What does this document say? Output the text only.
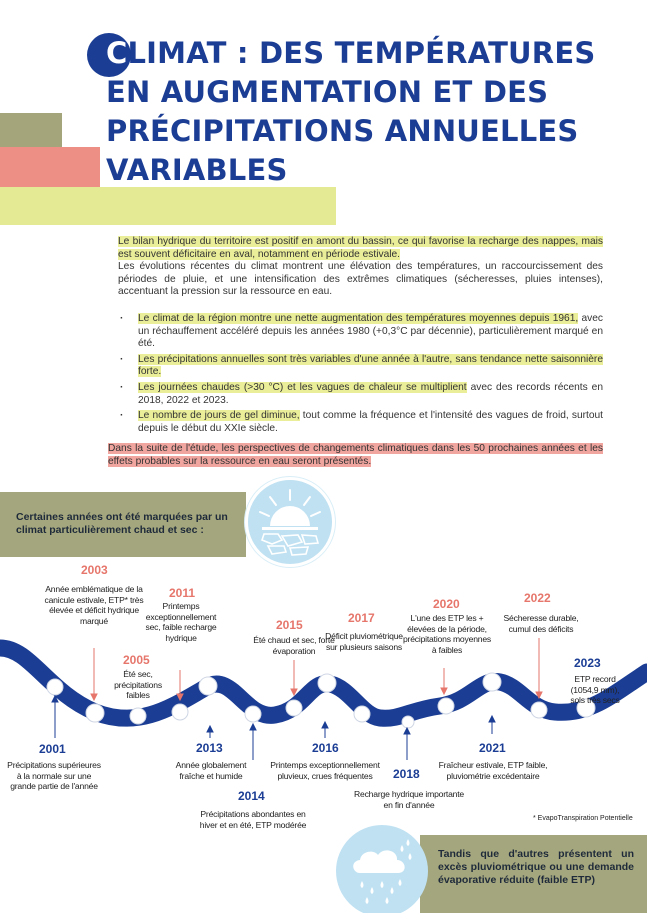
CLIMAT : DES TEMPÉRATURES EN AUGMENTATION ET DES PRÉCIPITATIONS ANNUELLES VARIABLES

Le bilan hydrique du territoire est positif en amont du bassin, ce qui favorise la recharge des nappes, mais est souvent déficitaire en aval, notamment en période estivale.
Les évolutions récentes du climat montrent une élévation des températures, un raccourcissement des périodes de pluie, et une intensification des extrêmes climatiques (sécheresses, pluies intenses), accentuant la pression sur la ressource en eau.

· Le climat de la région montre une nette augmentation des températures moyennes depuis 1961, avec un réchauffement accéléré depuis les années 1980 (+0,3°C par décennie), particulièrement marqué en été.
· Les précipitations annuelles sont très variables d'une année à l'autre, sans tendance nette saisonnière forte.
· Les journées chaudes (>30 °C) et les vagues de chaleur se multiplient avec des records récents en 2018, 2022 et 2023.
· Le nombre de jours de gel diminue, tout comme la fréquence et l'intensité des vagues de froid, surtout depuis le début du XXIe siècle.

Dans la suite de l'étude, les perspectives de changements climatiques dans les 50 prochaines années et les effets probables sur la ressource en eau seront présentés.

Certaines années ont été marquées par un climat particulièrement chaud et sec :
2003
Année emblématique de la canicule estivale, ETP* très élevée et déficit hydrique marqué
2005
Été sec, précipitations faibles
2011
Printemps exceptionnellement sec, faible recharge hydrique
2015
Été chaud et sec, forte évaporation
2017
Déficit pluviométrique sur plusieurs saisons
2020
L'une des ETP les + élevées de la période, précipitations moyennes à faibles
2022
Sécheresse durable, cumul des déficits
2023
ETP record (1054,9 mm), sols très secs
2001
Précipitations supérieures à la normale sur une grande partie de l'année
2013
Année globalement fraîche et humide
2014
Précipitations abondantes en hiver et en été, ETP modérée
2016
Printemps exceptionnellement pluvieux, crues fréquentes	2018
Recharge hydrique importante en fin d'année
2021
Fraîcheur estivale, ETP faible, pluviométrie excédentaire
* EvapoTranspiration Potentielle
Tandis que d'autres présentent un excès pluviométrique ou une demande évaporative réduite (faible ETP)
